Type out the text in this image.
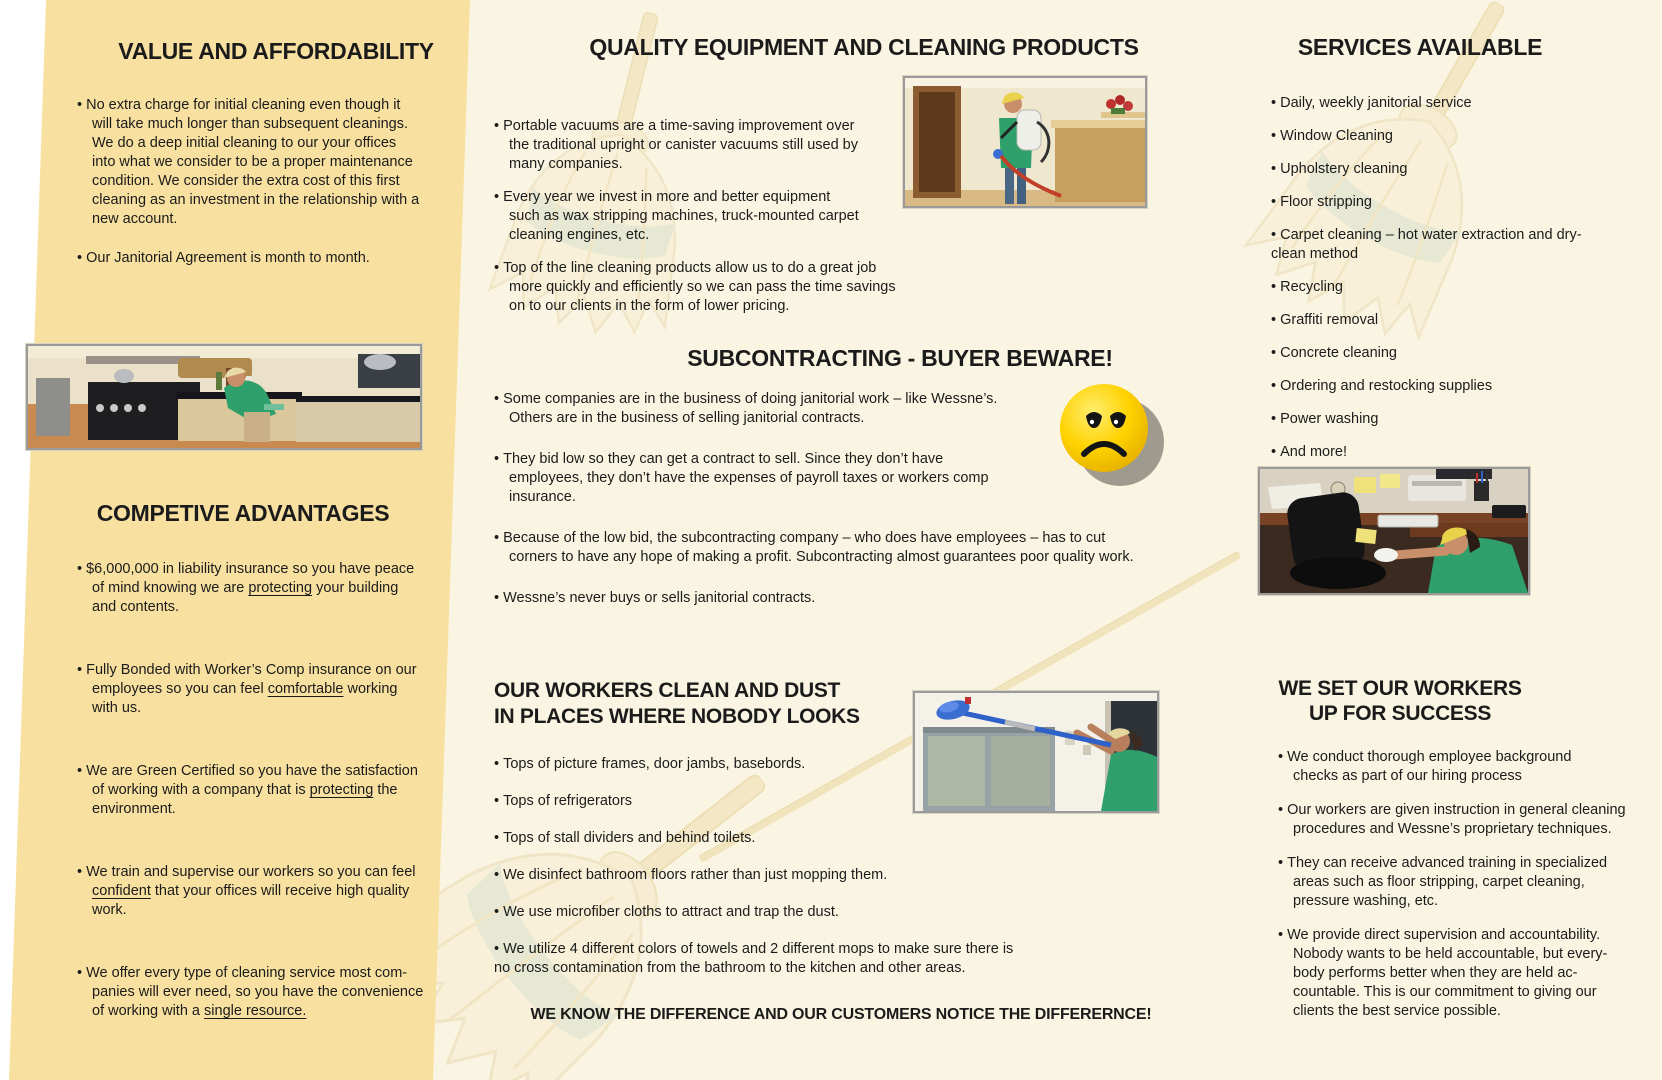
VALUE AND AFFORDABILITY
• No extra charge for initial cleaning even though it
will take much longer than subsequent cleanings.
We do a deep initial cleaning to our your offices
into what we consider to be a proper maintenance
condition. We consider the extra cost of this first
cleaning as an investment in the relationship with a
new account.
• Our Janitorial Agreement is month to month.
COMPETIVE ADVANTAGES
• $6,000,000 in liability insurance so you have peace
of mind knowing we are protecting your building
and contents.
• Fully Bonded with Worker’s Comp insurance on our
employees so you can feel comfortable working
with us.
• We are Green Certified so you have the satisfaction
of working with a company that is protecting the
environment.
• We train and supervise our workers so you can feel
confident that your offices will receive high quality
work.
• We offer every type of cleaning service most com-
panies will ever need, so you have the convenience
of working with a single resource.
QUALITY EQUIPMENT AND CLEANING PRODUCTS
• Portable vacuums are a time-saving improvement over
the traditional upright or canister vacuums still used by
many companies.
• Every year we invest in more and better equipment
such as wax stripping machines, truck-mounted carpet
cleaning engines, etc.
• Top of the line cleaning products allow us to do a great job
more quickly and efficiently so we can pass the time savings
on to our clients in the form of lower pricing.
SUBCONTRACTING - BUYER BEWARE!
• Some companies are in the business of doing janitorial work – like Wessne’s.
Others are in the business of selling janitorial contracts.
• They bid low so they can get a contract to sell. Since they don’t have
employees, they don’t have the expenses of payroll taxes or workers comp
insurance.
• Because of the low bid, the subcontracting company – who does have employees – has to cut
corners to have any hope of making a profit. Subcontracting almost guarantees poor quality work.
• Wessne’s never buys or sells janitorial contracts.
OUR WORKERS CLEAN AND DUST
IN PLACES WHERE NOBODY LOOKS
• Tops of picture frames, door jambs, basebords.
• Tops of refrigerators
• Tops of stall dividers and behind toilets.
• We disinfect bathroom floors rather than just mopping them.
• We use microfiber cloths to attract and trap the dust.
• We utilize 4 different colors of towels and 2 different mops to make sure there is
no cross contamination from the bathroom to the kitchen and other areas.
WE KNOW THE DIFFERENCE AND OUR CUSTOMERS NOTICE THE DIFFERERNCE!
SERVICES AVAILABLE
• Daily, weekly janitorial service
• Window Cleaning
• Upholstery cleaning
• Floor stripping
• Carpet cleaning – hot water extraction and dry-
clean method
• Recycling
• Graffiti removal
• Concrete cleaning
• Ordering and restocking supplies
• Power washing
• And more!
WE SET OUR WORKERS
UP FOR SUCCESS
• We conduct thorough employee background
checks as part of our hiring process
• Our workers are given instruction in general cleaning
procedures and Wessne’s proprietary techniques.
• They can receive advanced training in specialized
areas such as floor stripping, carpet cleaning,
pressure washing, etc.
• We provide direct supervision and accountability.
Nobody wants to be held accountable, but every-
body performs better when they are held ac-
countable. This is our commitment to giving our
clients the best service possible.
